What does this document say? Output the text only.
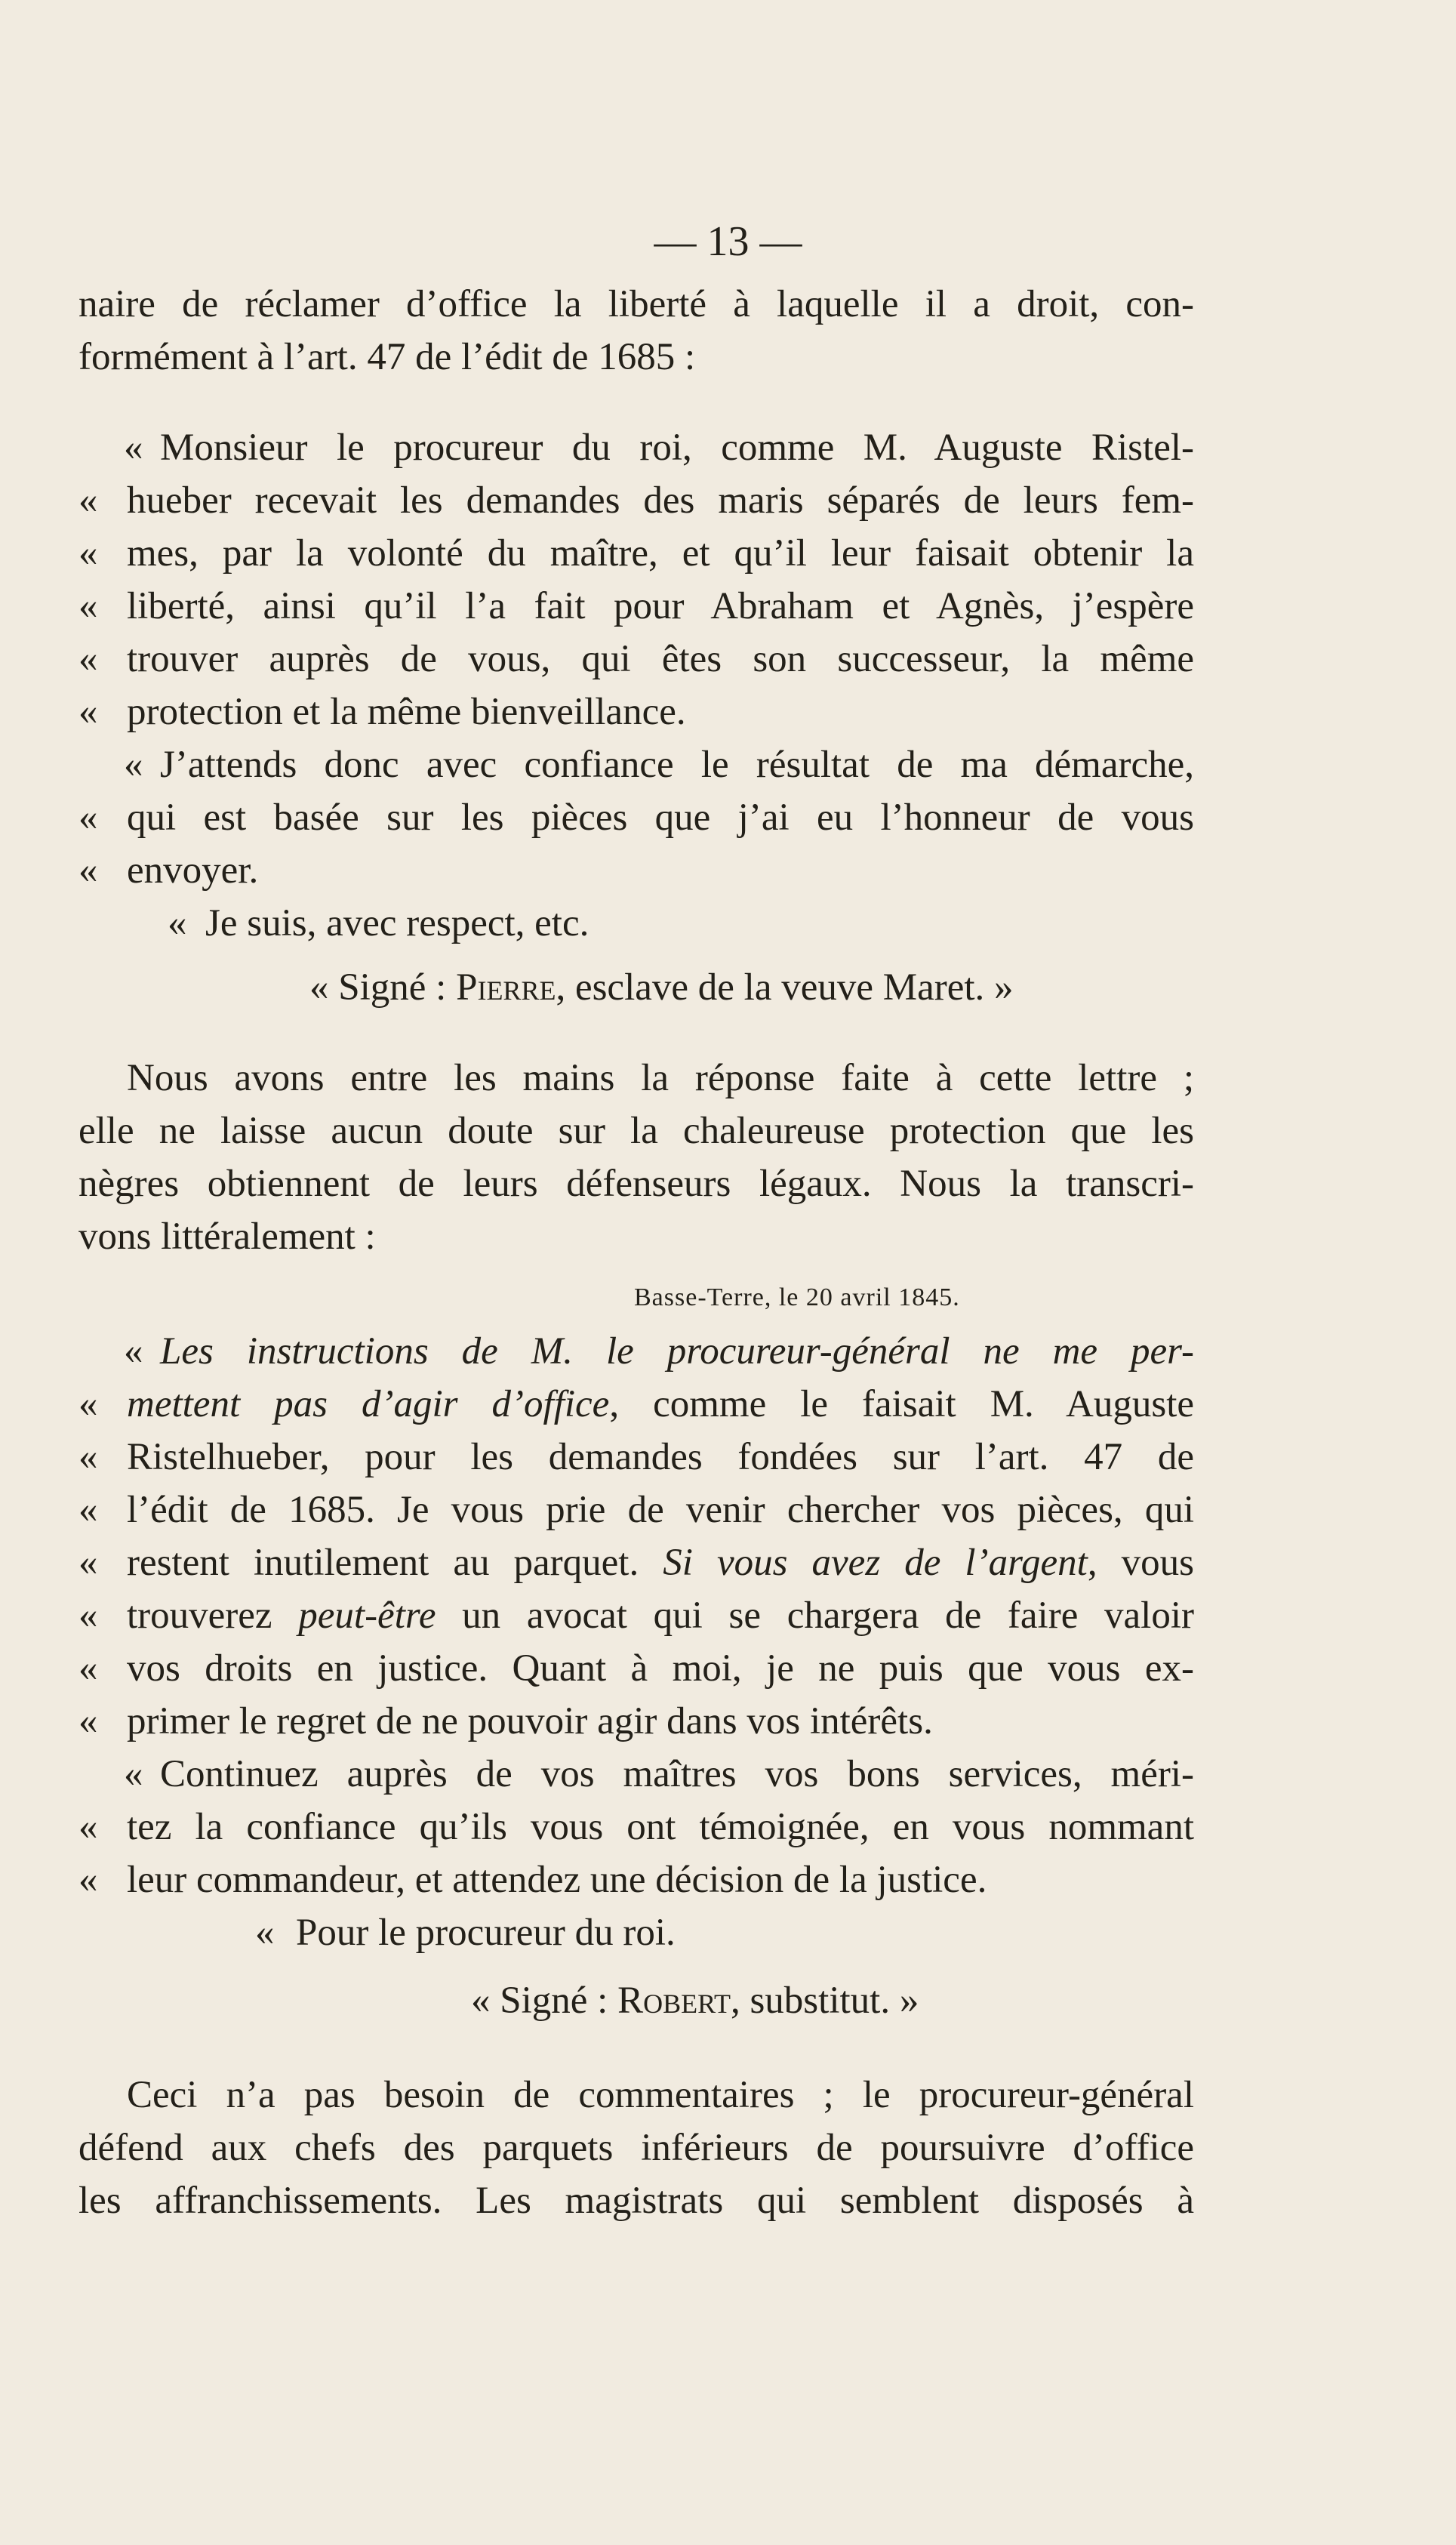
— 13 —
naire de réclamer d’office la liberté à laquelle il a droit, con-
formément à l’art. 47 de l’édit de 1685 :
« Monsieur le procureur du roi, comme M. Auguste Ristel-
« hueber recevait les demandes des maris séparés de leurs fem-
« mes, par la volonté du maître, et qu’il leur faisait obtenir la
« liberté, ainsi qu’il l’a fait pour Abraham et Agnès, j’espère
« trouver auprès de vous, qui êtes son successeur, la même
« protection et la même bienveillance.
« J’attends donc avec confiance le résultat de ma démarche,
« qui est basée sur les pièces que j’ai eu l’honneur de vous
« envoyer.
« Je suis, avec respect, etc.
« Signé : Pierre, esclave de la veuve Maret. »
Nous avons entre les mains la réponse faite à cette lettre ;
elle ne laisse aucun doute sur la chaleureuse protection que les
nègres obtiennent de leurs défenseurs légaux. Nous la transcri-
vons littéralement :
Basse-Terre, le 20 avril 1845.
« Les instructions de M. le procureur-général ne me per-
« mettent pas d’agir d’office, comme le faisait M. Auguste
« Ristelhueber, pour les demandes fondées sur l’art. 47 de
« l’édit de 1685. Je vous prie de venir chercher vos pièces, qui
« restent inutilement au parquet. Si vous avez de l’argent, vous
« trouverez peut-être un avocat qui se chargera de faire valoir
« vos droits en justice. Quant à moi, je ne puis que vous ex-
« primer le regret de ne pouvoir agir dans vos intérêts.
« Continuez auprès de vos maîtres vos bons services, méri-
« tez la confiance qu’ils vous ont témoignée, en vous nommant
« leur commandeur, et attendez une décision de la justice.
« Pour le procureur du roi.
« Signé : Robert, substitut. »
Ceci n’a pas besoin de commentaires ; le procureur-général
défend aux chefs des parquets inférieurs de poursuivre d’office
les affranchissements. Les magistrats qui semblent disposés à
